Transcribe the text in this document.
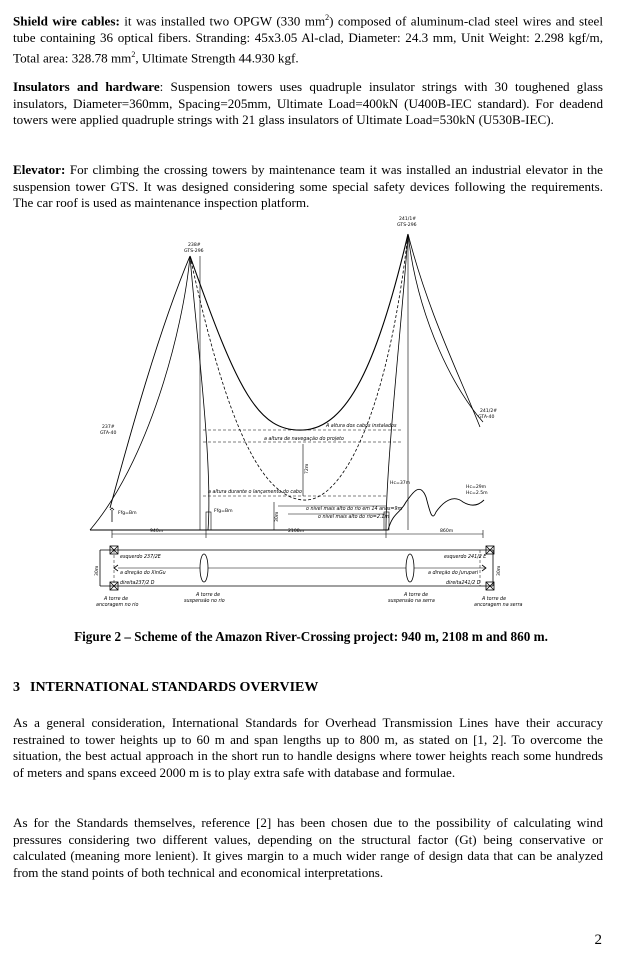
Shield wire cables: it was installed two OPGW (330 $mm^2$) composed of aluminum-clad steel wires and steel tube containing 36 optical fibers. Stranding: 45x3.05 Al-clad, Diameter: 24.3 mm, Unit Weight: 2.298 kgf/m, Total area: 328.78 $mm^2$, Ultimate Strength 44.930 kgf.

Insulators and hardware: Suspension towers uses quadruple insulator strings with 30 toughened glass insulators, Diameter=360mm, Spacing=205mm, Ultimate Load=400kN (U400B-IEC standard). For deadend towers were applied quadruple strings with 21 glass insulators of Ultimate Load=530kN (U530B-IEC).

Elevator: For climbing the crossing towers by maintenance team it was installed an industrial elevator in the suspension tower GTS. It was designed considering some special safety devices following the requirements. The car roof is used as maintenance inspection platform.

238#
GTS-296
241/1#
GTS-296
237#
GTA-40
241/2#
GTA-40
A altura dos cabos instalados
a altura de navegação do projeto
a altura durante o lançamento do cabo
o nível mais alto do rio em 14 anos=9m
o nível mais alto do rio=2.1m
72m
30m
Ffg=Bm	Ffg=Bm
Hc=37m
Hc=29m
Hc=2.5m
940m	2108m	860m
esquerdo 237/2E
a direção do XinGu
direita237/2 D
esquerdo 241/2 E
a direção do Jurupari
direita241/2 D
30m	30m
A torre de
ancoragem no rio
A torre de
suspensão no rio
A torre de
suspensão na serra	A torre de
ancoragem na serra

Figure 2 – Scheme of the Amazon River-Crossing project: 940 m, 2108 m and 860 m.

3 INTERNATIONAL STANDARDS OVERVIEW

As a general consideration, International Standards for Overhead Transmission Lines have their accuracy restrained to tower heights up to 60 m and span lengths up to 800 m, as stated on [1, 2]. To overcome the situation, the best actual approach in the short run to handle designs where tower heights reach some hundreds of meters and spans exceed 2000 m is to play extra safe with database and formulae.

As for the Standards themselves, reference [2] has been chosen due to the possibility of calculating wind pressures considering two different values, depending on the structural factor (Gt) being conservative or calculated (meaning more lenient). It gives margin to a much wider range of design data that can be analyzed from the stand points of both technical and economical interpretations.

2
